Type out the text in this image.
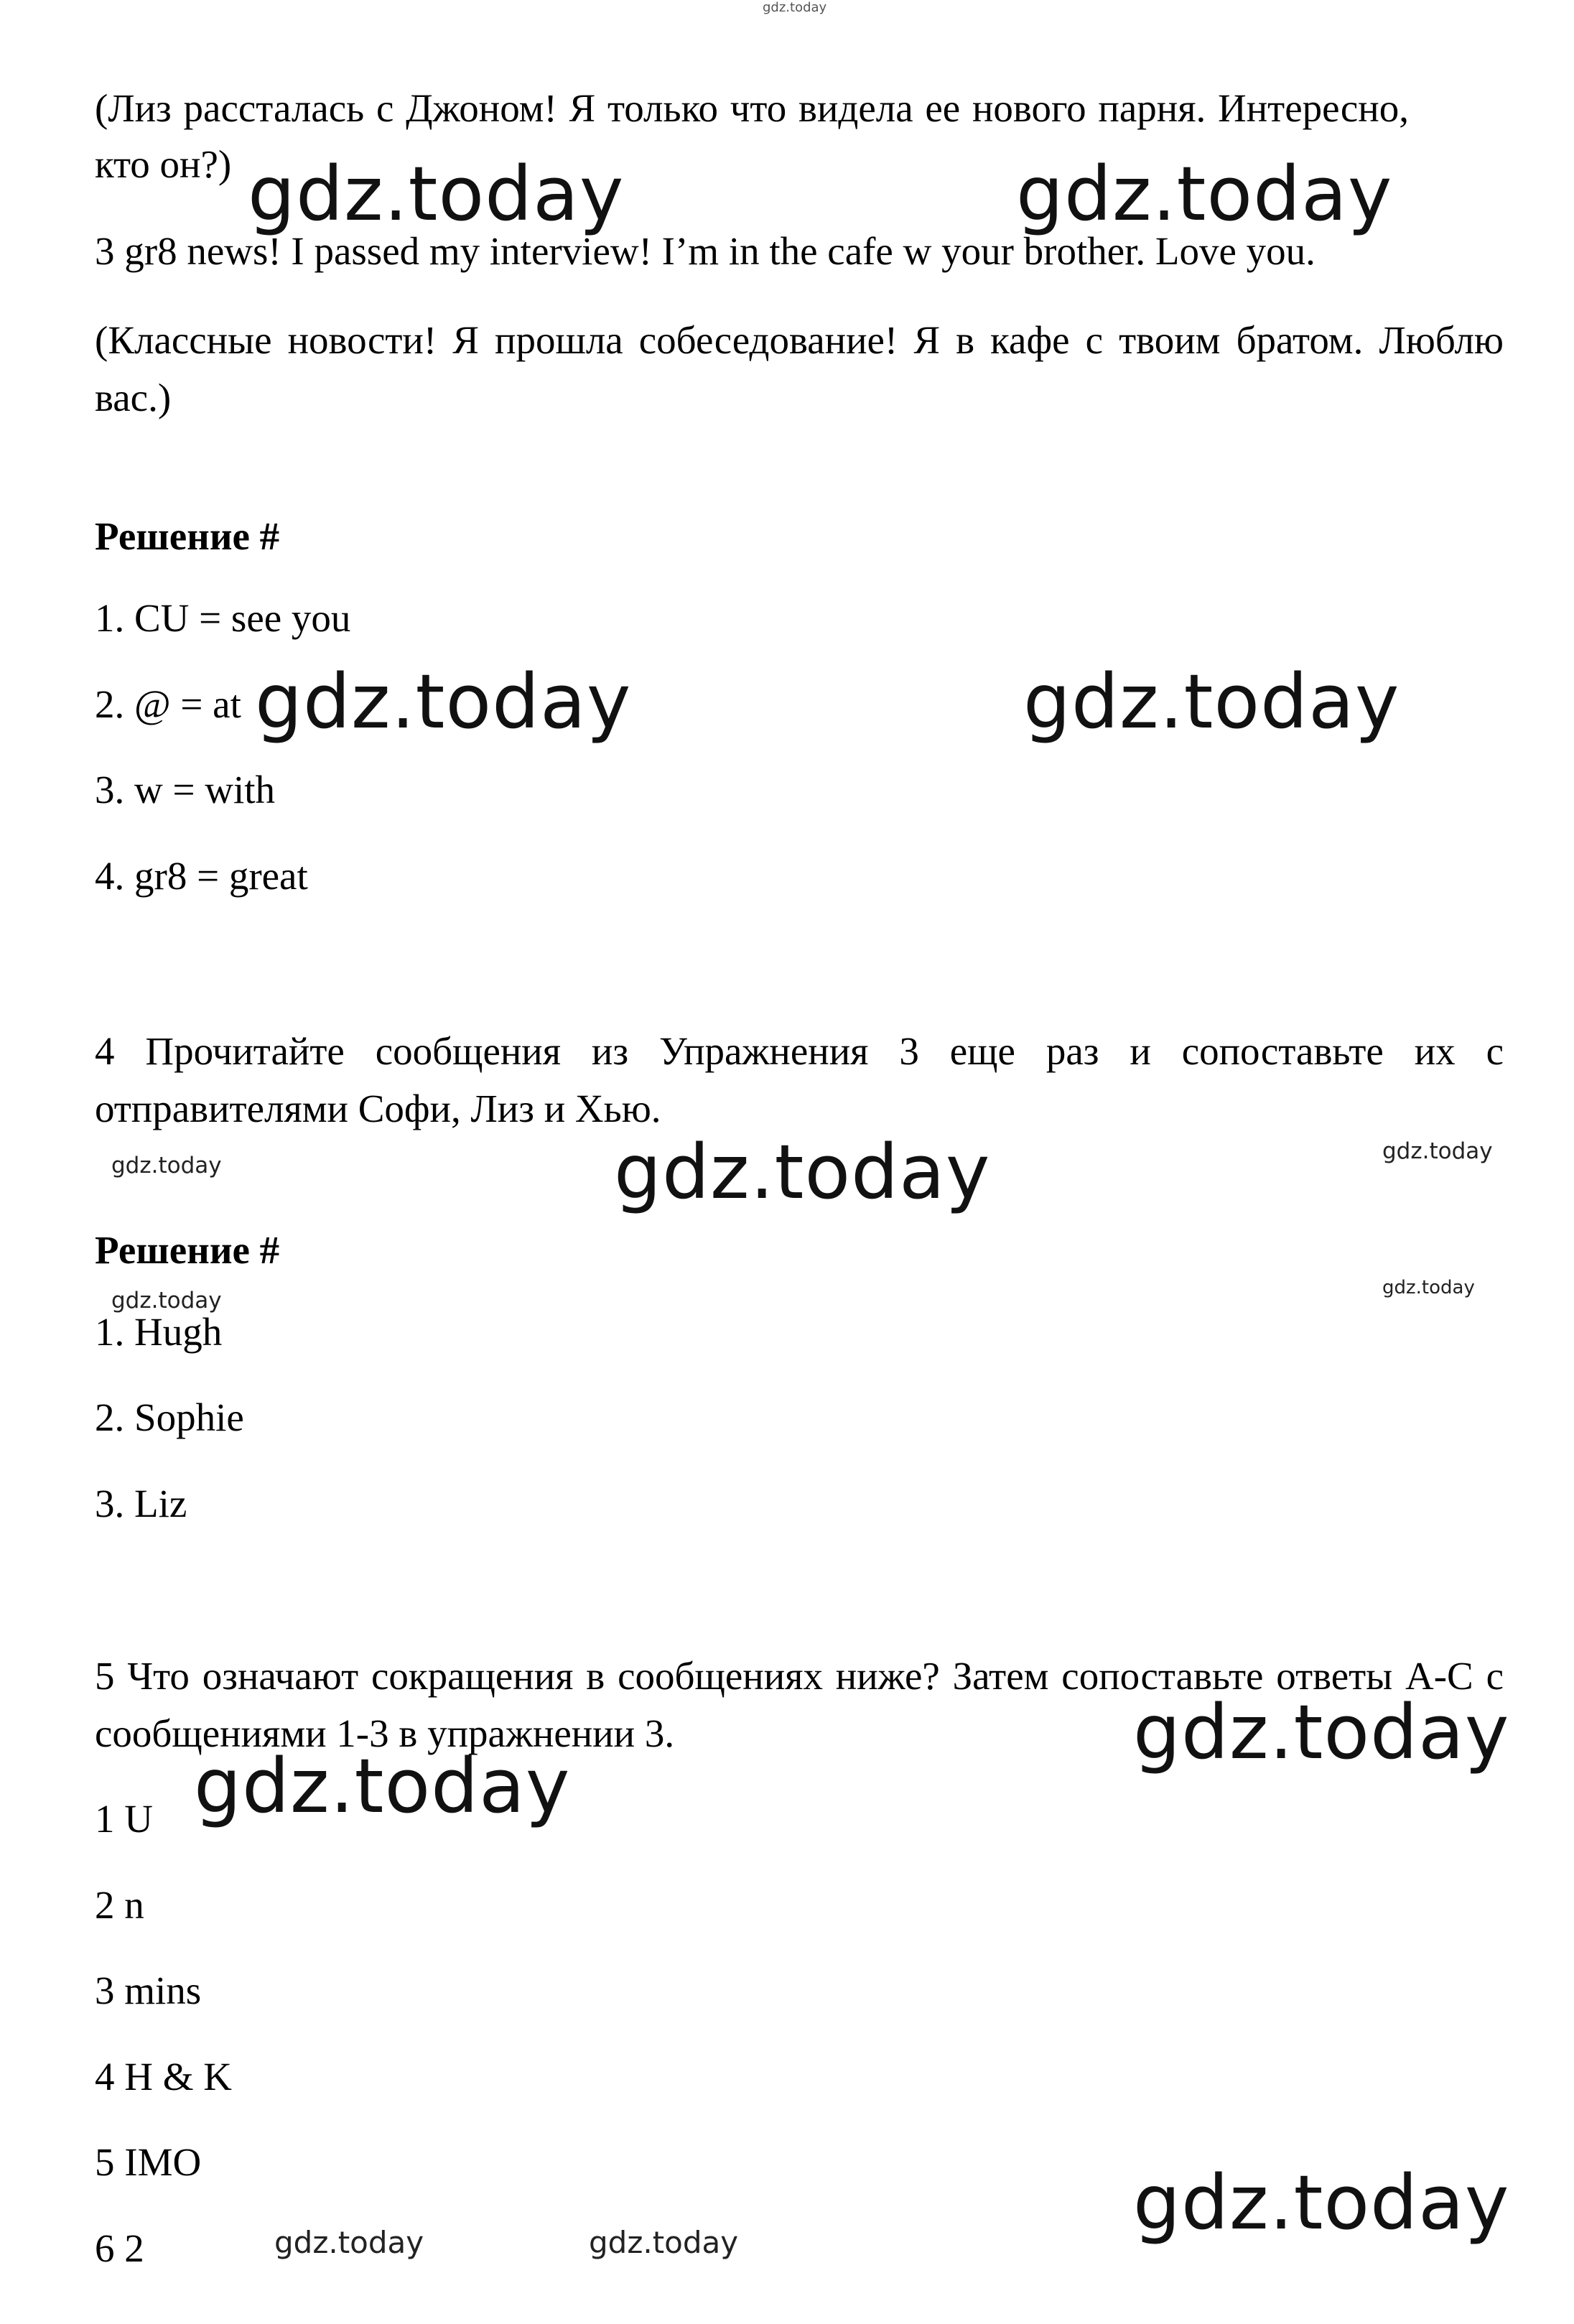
gdz.today

(Лиз рассталась с Джоном! Я только что видела ее нового парня. Интересно,

кто он?)

3 gr8 news! I passed my interview! I’m in the cafe w your brother. Love you.

(Классные новости! Я прошла собеседование! Я в кафе с твоим братом. Люблю вас.)

Решение #

1. CU = see you

2. @ = at

3. w = with

4. gr8 = great

4 Прочитайте сообщения из Упражнения 3 еще раз и сопоставьте их с отправителями Софи, Лиз и Хью.

Решение #

1. Hugh

2. Sophie

3. Liz

5 Что означают сокращения в сообщениях ниже? Затем сопоставьте ответы A-C с сообщениями 1-3 в упражнении 3.

1 U

2 n

3 mins

4 H & K

5 IMO

6 2

gdz.today	gdz.today
gdz.today	gdz.today
gdz.today
gdz.today
gdz.today
gdz.today
gdz.today
gdz.today
gdz.today	gdz.today
gdz.today	gdz.today
